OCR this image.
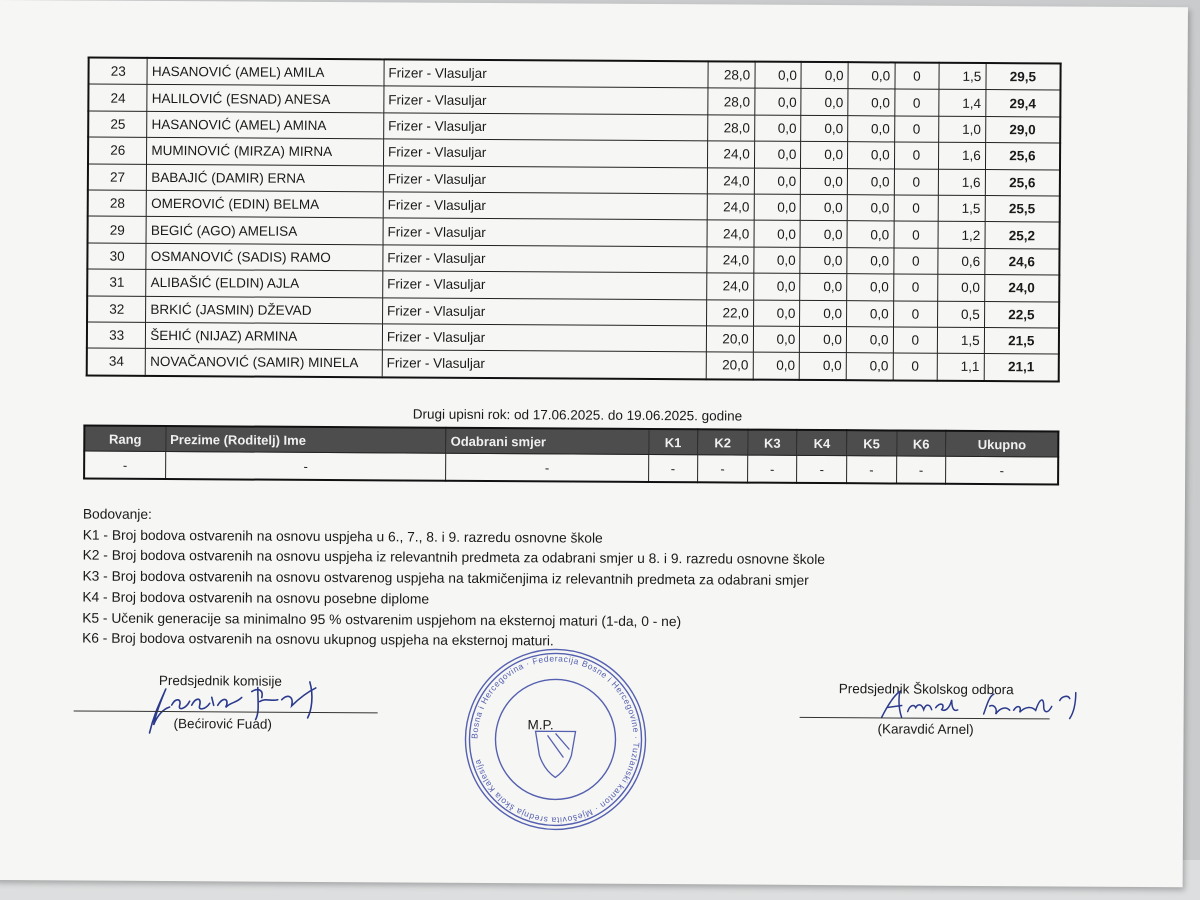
23	HASANOVIĆ (AMEL) AMILA	Frizer - Vlasuljar	28,0	0,0	0,0	0,0	0	1,5	29,5
24	HALILOVIĆ (ESNAD) ANESA	Frizer - Vlasuljar	28,0	0,0	0,0	0,0	0	1,4	29,4
25	HASANOVIĆ (AMEL) AMINA	Frizer - Vlasuljar	28,0	0,0	0,0	0,0	0	1,0	29,0
26	MUMINOVIĆ (MIRZA) MIRNA	Frizer - Vlasuljar	24,0	0,0	0,0	0,0	0	1,6	25,6
27	BABAJIĆ (DAMIR) ERNA	Frizer - Vlasuljar	24,0	0,0	0,0	0,0	0	1,6	25,6
28	OMEROVIĆ (EDIN) BELMA	Frizer - Vlasuljar	24,0	0,0	0,0	0,0	0	1,5	25,5
29	BEGIĆ (AGO) AMELISA	Frizer - Vlasuljar	24,0	0,0	0,0	0,0	0	1,2	25,2
30	OSMANOVIĆ (SADIS) RAMO	Frizer - Vlasuljar	24,0	0,0	0,0	0,0	0	0,6	24,6
31	ALIBAŠIĆ (ELDIN) AJLA	Frizer - Vlasuljar	24,0	0,0	0,0	0,0	0	0,0	24,0
32	BRKIĆ (JASMIN) DŽEVAD	Frizer - Vlasuljar	22,0	0,0	0,0	0,0	0	0,5	22,5
33	ŠEHIĆ (NIJAZ) ARMINA	Frizer - Vlasuljar	20,0	0,0	0,0	0,0	0	1,5	21,5
34	NOVAČANOVIĆ (SAMIR) MINELA	Frizer - Vlasuljar	20,0	0,0	0,0	0,0	0	1,1	21,1
Drugi upisni rok: od 17.06.2025. do 19.06.2025. godine
Rang	Prezime (Roditelj) Ime	Odabrani smjer	K1	K2	K3	K4	K5	K6	Ukupno
-	-	-	-	-	-	-	-	-	-
Bodovanje:
K1 - Broj bodova ostvarenih na osnovu uspjeha u 6., 7., 8. i 9. razredu osnovne škole
K2 - Broj bodova ostvarenih na osnovu uspjeha iz relevantnih predmeta za odabrani smjer u 8. i 9. razredu osnovne škole
K3 - Broj bodova ostvarenih na osnovu ostvarenog uspjeha na takmičenjima iz relevantnih predmeta za odabrani smjer
K4 - Broj bodova ostvarenih na osnovu posebne diplome
K5 - Učenik generacije sa minimalno 95 % ostvarenim uspjehom na eksternoj maturi (1-da, 0 - ne)
K6 - Broj bodova ostvarenih na osnovu ukupnog uspjeha na eksternoj maturi.
Predsjednik komisije
(Bećirović Fuad)
Bosna i Hercegovina · Federacija Bosne i Hercegovine · Tuzlanski kanton · Mješovita srednja škola Kalesija
M.P.
Predsjednik Školskog odbora
(Karavdić Arnel)
